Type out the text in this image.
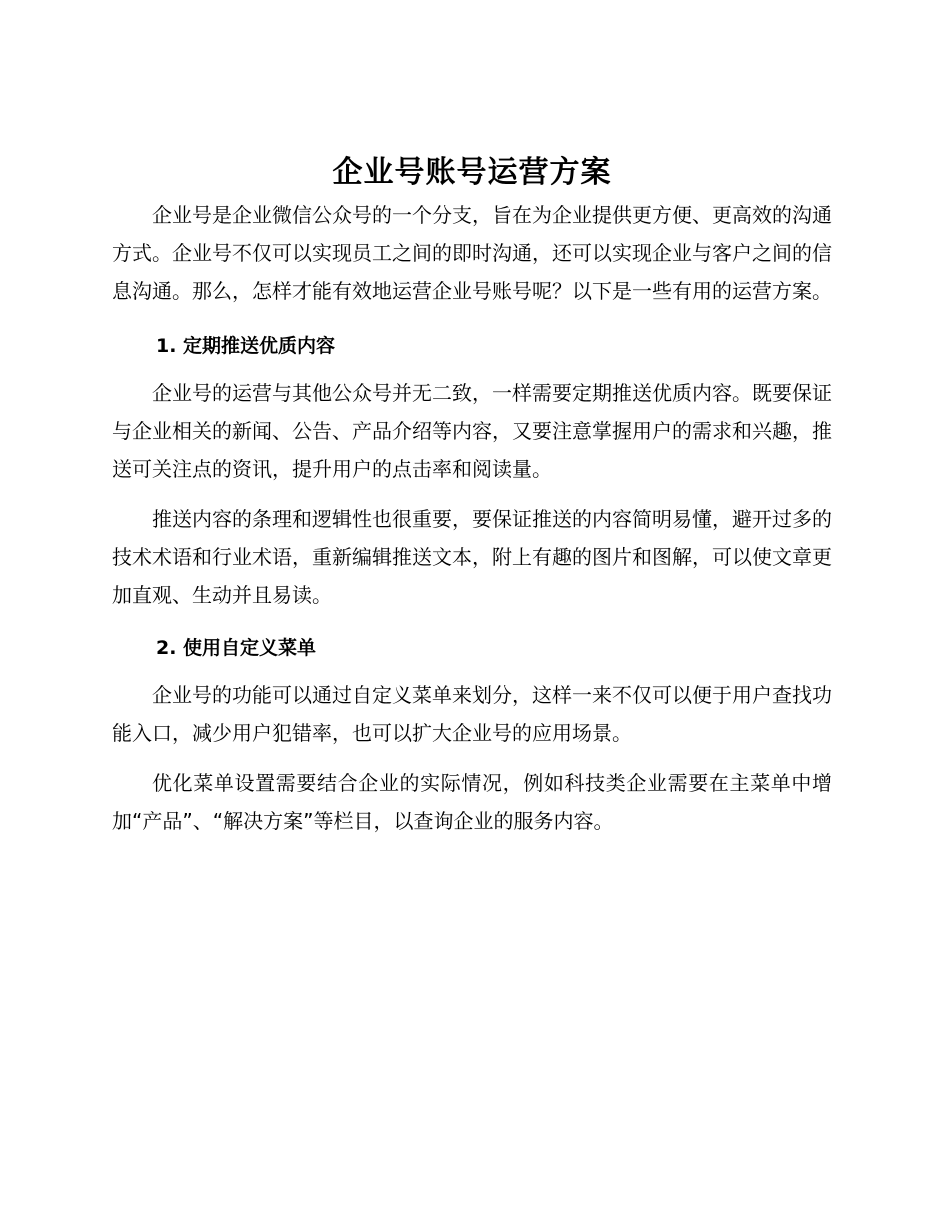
企业号账号运营方案

企业号是企业微信公众号的一个分支，旨在为企业提供更方便、更高效的沟通方式。企业号不仅可以实现员工之间的即时沟通，还可以实现企业与客户之间的信息沟通。那么，怎样才能有效地运营企业号账号呢？以下是一些有用的运营方案。

1. 定期推送优质内容

企业号的运营与其他公众号并无二致，一样需要定期推送优质内容。既要保证与企业相关的新闻、公告、产品介绍等内容，又要注意掌握用户的需求和兴趣，推送可关注点的资讯，提升用户的点击率和阅读量。

推送内容的条理和逻辑性也很重要，要保证推送的内容简明易懂，避开过多的技术术语和行业术语，重新编辑推送文本，附上有趣的图片和图解，可以使文章更加直观、生动并且易读。

2. 使用自定义菜单

企业号的功能可以通过自定义菜单来划分，这样一来不仅可以便于用户查找功能入口，减少用户犯错率，也可以扩大企业号的应用场景。

优化菜单设置需要结合企业的实际情况，例如科技类企业需要在主菜单中增加“产品”、“解决方案”等栏目，以查询企业的服务内容。
